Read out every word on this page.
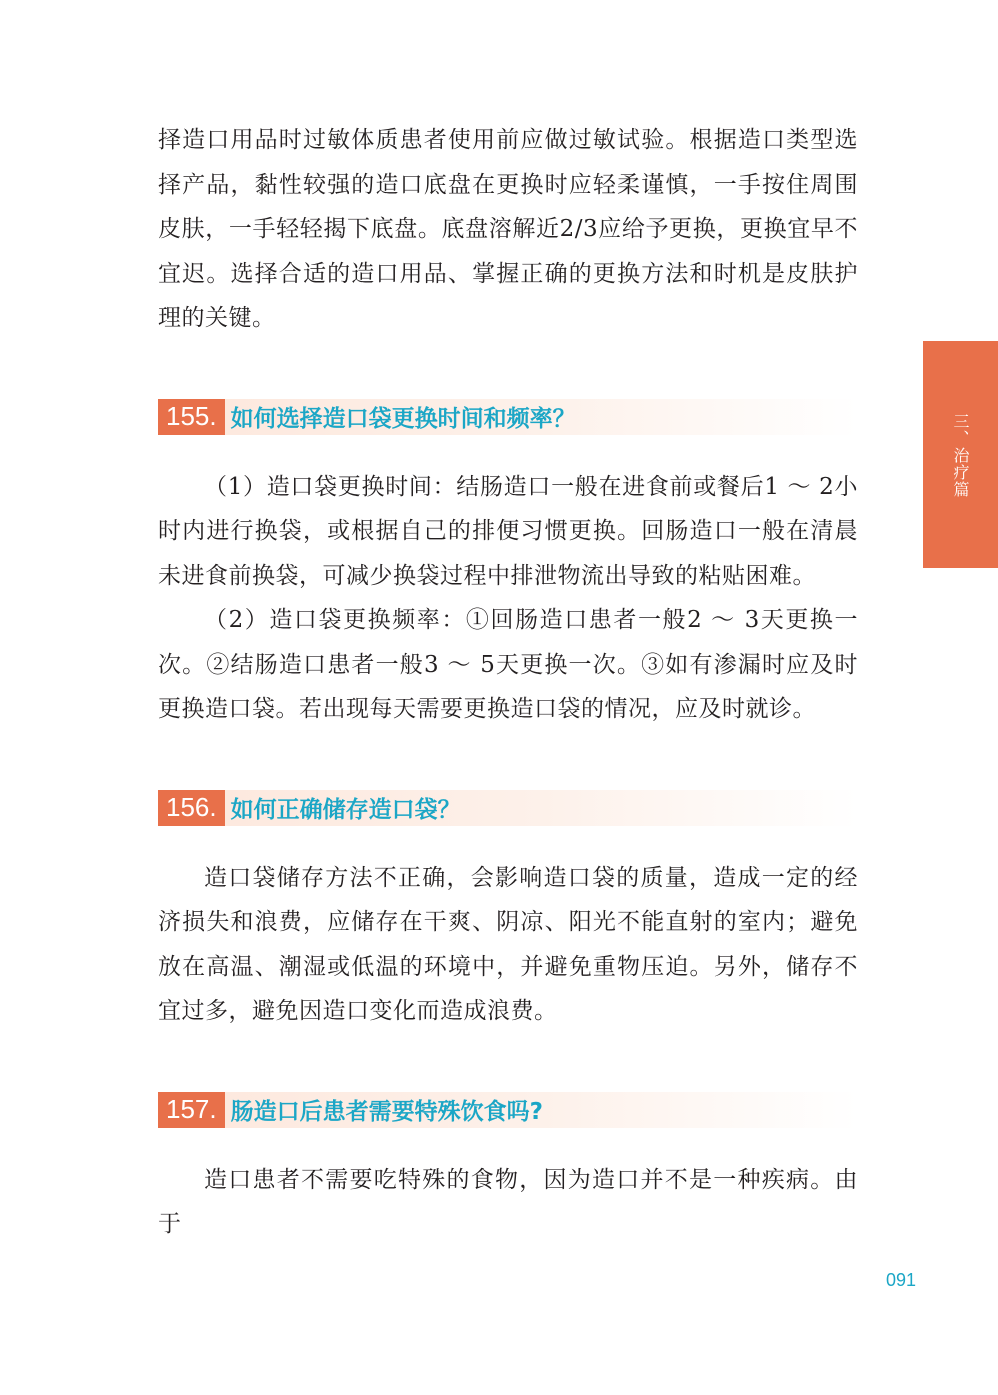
择造口用品时过敏体质患者使用前应做过敏试验。根据造口类型选择产品，黏性较强的造口底盘在更换时应轻柔谨慎，一手按住周围皮肤，一手轻轻揭下底盘。底盘溶解近2/3应给予更换，更换宜早不宜迟。选择合适的造口用品、掌握正确的更换方法和时机是皮肤护理的关键。

155. 如何选择造口袋更换时间和频率？

（1）造口袋更换时间：结肠造口一般在进食前或餐后1 ～ 2小时内进行换袋，或根据自己的排便习惯更换。回肠造口一般在清晨未进食前换袋，可减少换袋过程中排泄物流出导致的粘贴困难。

（2）造口袋更换频率：①回肠造口患者一般2 ～ 3天更换一次。②结肠造口患者一般3 ～ 5天更换一次。③如有渗漏时应及时更换造口袋。若出现每天需要更换造口袋的情况，应及时就诊。

156. 如何正确储存造口袋？

造口袋储存方法不正确，会影响造口袋的质量，造成一定的经济损失和浪费，应储存在干爽、阴凉、阳光不能直射的室内；避免放在高温、潮湿或低温的环境中，并避免重物压迫。另外，储存不宜过多，避免因造口变化而造成浪费。

157. 肠造口后患者需要特殊饮食吗?

造口患者不需要吃特殊的食物，因为造口并不是一种疾病。由于

三、治疗篇
091
